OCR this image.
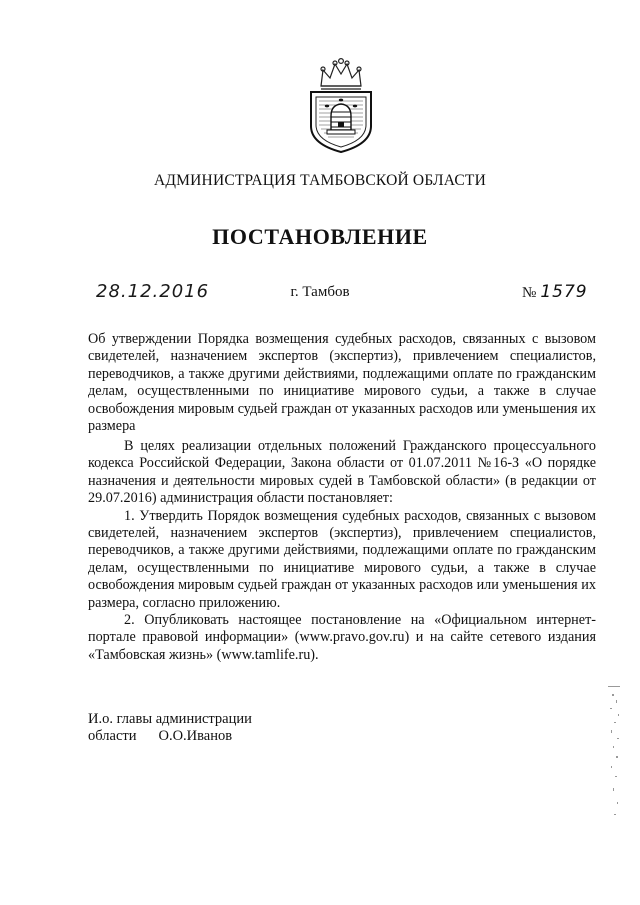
АДМИНИСТРАЦИЯ ТАМБОВСКОЙ ОБЛАСТИ
ПОСТАНОВЛЕНИЕ
28.12.2016	г. Тамбов	№ 1579
Об утверждении Порядка возмещения судебных расходов, связанных с вызовом свидетелей, назначением экспертов (экспертиз), привлечением специалистов, переводчиков, а также другими действиями, подлежащими оплате по гражданским делам, осуществленными по инициативе мирового судьи, а также в случае освобождения мировым судьей граждан от указанных расходов или уменьшения их размера

В целях реализации отдельных положений Гражданского процессуального кодекса Российской Федерации, Закона области от 01.07.2011 №16-З «О порядке назначения и деятельности мировых судей в Тамбовской области» (в редакции от 29.07.2016) администрация области постановляет:

1. Утвердить Порядок возмещения судебных расходов, связанных с вызовом свидетелей, назначением экспертов (экспертиз), привлечением специалистов, переводчиков, а также другими действиями, подлежащими оплате по гражданским делам, осуществленными по инициативе мирового судьи, а также в случае освобождения мировым судьей граждан от указанных расходов или уменьшения их размера, согласно приложению.

2. Опубликовать настоящее постановление на «Официальном интернет-портале правовой информации» (www.pravo.gov.ru) и на сайте сетевого издания «Тамбовская жизнь» (www.tamlife.ru).

И.о. главы администрации
области О.О.Иванов
